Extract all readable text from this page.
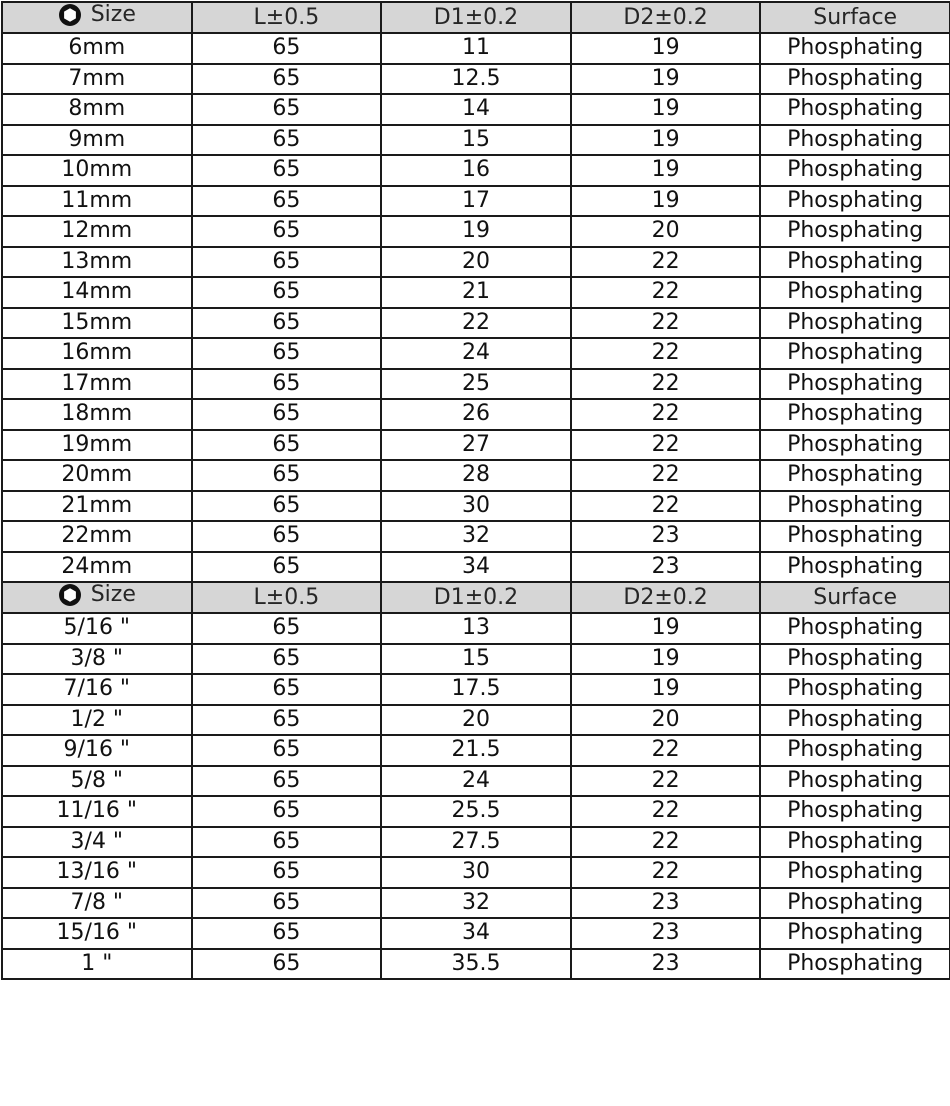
Size	L±0.5	D1±0.2	D2±0.2	Surface
6mm	65	11	19	Phosphating
7mm	65	12.5	19	Phosphating
8mm	65	14	19	Phosphating
9mm	65	15	19	Phosphating
10mm	65	16	19	Phosphating
11mm	65	17	19	Phosphating
12mm	65	19	20	Phosphating
13mm	65	20	22	Phosphating
14mm	65	21	22	Phosphating
15mm	65	22	22	Phosphating
16mm	65	24	22	Phosphating
17mm	65	25	22	Phosphating
18mm	65	26	22	Phosphating
19mm	65	27	22	Phosphating
20mm	65	28	22	Phosphating
21mm	65	30	22	Phosphating
22mm	65	32	23	Phosphating
24mm	65	34	23	Phosphating

Size	L±0.5	D1±0.2	D2±0.2	Surface
5/16 "	65	13	19	Phosphating
3/8 "	65	15	19	Phosphating
7/16 "	65	17.5	19	Phosphating
1/2 "	65	20	20	Phosphating
9/16 "	65	21.5	22	Phosphating
5/8 "	65	24	22	Phosphating
11/16 "	65	25.5	22	Phosphating
3/4 "	65	27.5	22	Phosphating
13/16 "	65	30	22	Phosphating
7/8 "	65	32	23	Phosphating
15/16 "	65	34	23	Phosphating
1 "	65	35.5	23	Phosphating
